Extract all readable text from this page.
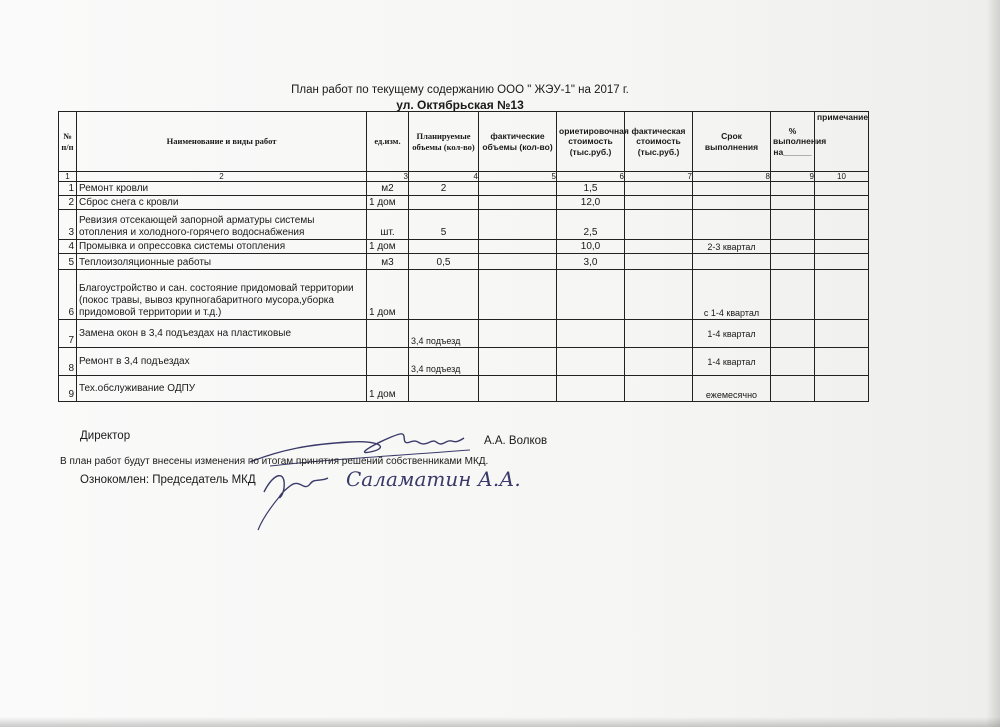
План работ по текущему содержанию ООО " ЖЭУ-1" на 2017 г.
ул. Октябрьская №13
№ п/п	Наименование и виды работ	ед.изм.	Планируемые объемы (кол-во)	фактические объемы (кол-во)	ориетировочная стоимость (тыс.руб.)	фактическая стоимость (тыс.руб.)	Срок выполнения	% выполнения на______	примечание
1	2	3	4	5	6	7	8	9	10
1	Ремонт кровли	м2	2		1,5				
2	Сброс снега с кровли	1 дом			12,0				
3	Ревизия отсекающей запорной арматуры системы отопления и холодного-горячего водоснабжения	шт.	5		2,5				
4	Промывка и опрессовка системы отопления	1 дом			10,0		2-3 квартал		
5	Теплоизоляционные работы	м3	0,5		3,0				
6	Благоустройство и сан. состояние придомовай территории (покос травы, вывоз крупногабаритного мусора,уборка придомовой территории и т.д.)	1 дом					с 1-4 квартал		
7	Замена окон в 3,4 подъездах на пластиковые		3,4 подъезд				1-4 квартал		
8	Ремонт в 3,4 подъездах		3,4 подъезд				1-4 квартал		
9	Тех.обслуживание ОДПУ	1 дом					ежемесячно		
Директор	А.А. Волков
В план работ будут внесены изменения по итогам принятия решений собственниками МКД.
Ознокомлен: Председатель МКД	Саламатин А.А.
